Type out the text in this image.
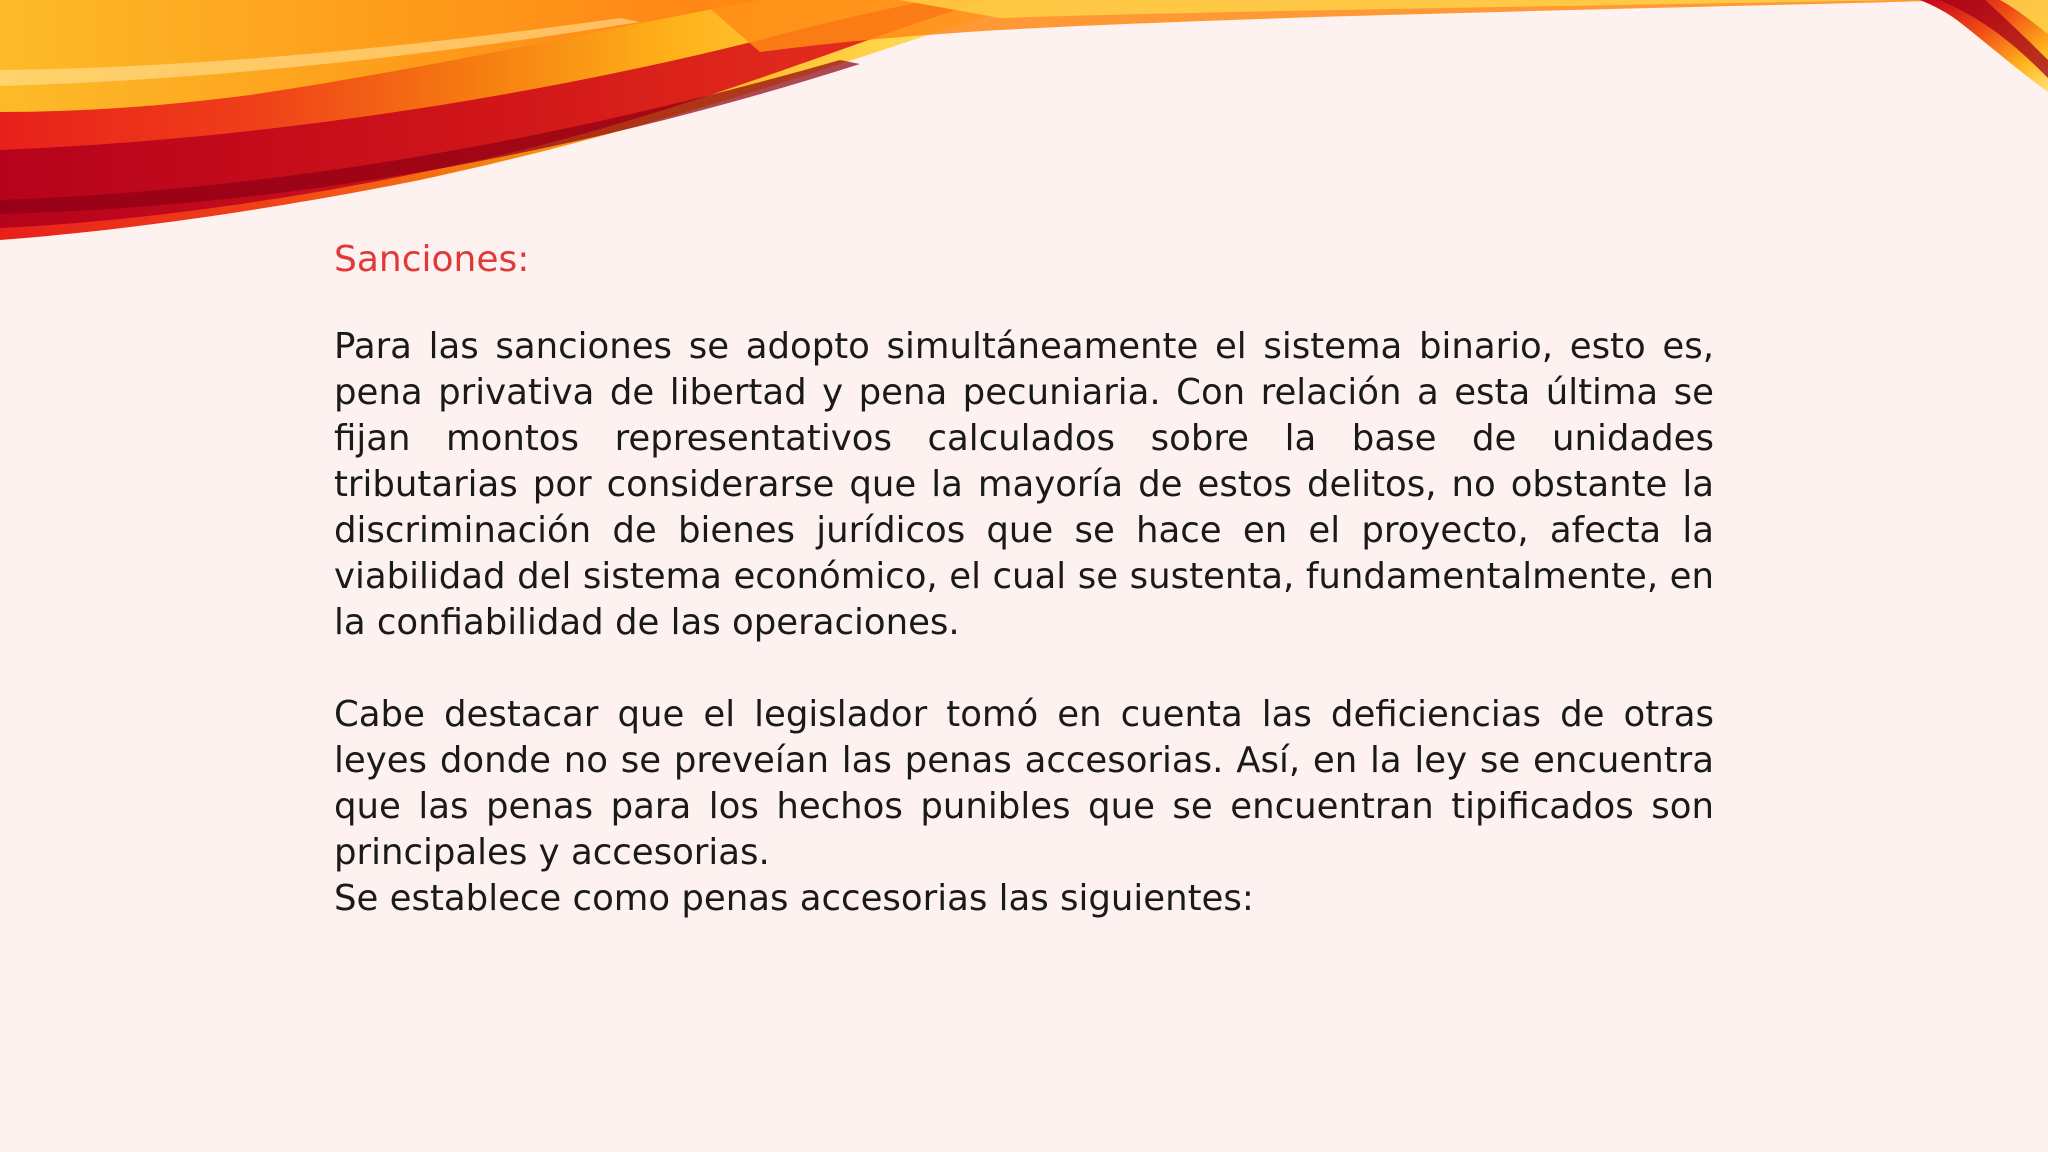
Sanciones:

Para las sanciones se adopto simultáneamente el sistema binario, esto es, pena privativa de libertad y pena pecuniaria. Con relación a esta última se fijan montos representativos calculados sobre la base de unidades tributarias por considerarse que la mayoría de estos delitos, no obstante la discriminación de bienes jurídicos que se hace en el proyecto, afecta la viabilidad del sistema económico, el cual se sustenta, fundamentalmente, en la confiabilidad de las operaciones.

Cabe destacar que el legislador tomó en cuenta las deficiencias de otras leyes donde no se preveían las penas accesorias. Así, en la ley se encuentra que las penas para los hechos punibles que se encuentran tipificados son principales y accesorias.

Se establece como penas accesorias las siguientes:
